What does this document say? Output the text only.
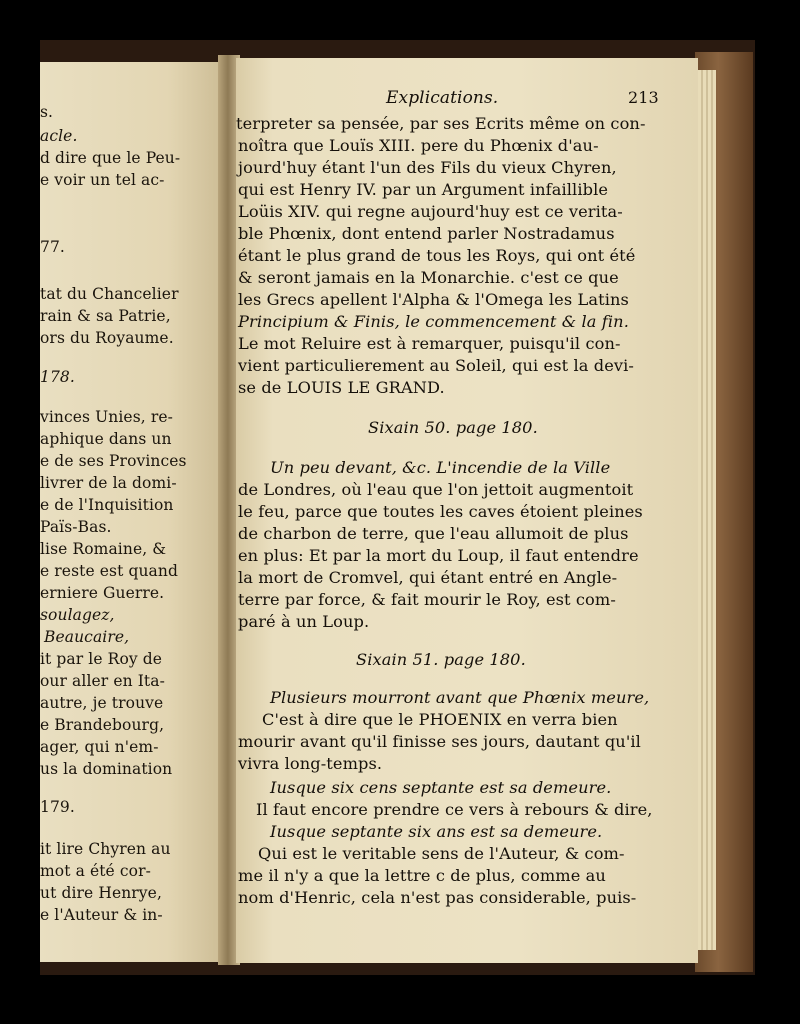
s.
acle.
d dire que le Peu-
e voir un tel ac-
77.
tat du Chancelier
rain & sa Patrie,
ors du Royaume.
178.
vinces Unies, re-
aphique dans un
e de ses Provinces
livrer de la domi-
e de l'Inquisition
Païs-Bas.
lise Romaine, &
e reste est quand
erniere Guerre.
soulagez,
Beaucaire,
it par le Roy de
our aller en Ita-
autre, je trouve
e Brandebourg,
ager, qui n'em-
us la domination
179.
it lire Chyren au
mot a été cor-
ut dire Henrye,
e l'Auteur & in-
Explications.	213
terpreter sa pensée, par ses Ecrits même on con-
noîtra que Louïs XIII. pere du Phœnix d'au-
jourd'huy étant l'un des Fils du vieux Chyren,
qui est Henry IV. par un Argument infaillible
Loüis XIV. qui regne aujourd'huy est ce verita-
ble Phœnix, dont entend parler Nostradamus
étant le plus grand de tous les Roys, qui ont été
& seront jamais en la Monarchie. c'est ce que
les Grecs apellent l'Alpha & l'Omega les Latins
Principium & Finis, le commencement & la fin.
Le mot Reluire est à remarquer, puisqu'il con-
vient particulierement au Soleil, qui est la devi-
se de LOUIS LE GRAND.
Sixain 50. page 180.
Un peu devant, &c. L'incendie de la Ville
de Londres, où l'eau que l'on jettoit augmentoit
le feu, parce que toutes les caves étoient pleines
de charbon de terre, que l'eau allumoit de plus
en plus: Et par la mort du Loup, il faut entendre
la mort de Cromvel, qui étant entré en Angle-
terre par force, & fait mourir le Roy, est com-
paré à un Loup.
Sixain 51. page 180.
Plusieurs mourront avant que Phœnix meure,
C'est à dire que le PHOENIX en verra bien
mourir avant qu'il finisse ses jours, dautant qu'il
vivra long-temps.
Iusque six cens septante est sa demeure.
Il faut encore prendre ce vers à rebours & dire,
Iusque septante six ans est sa demeure.
Qui est le veritable sens de l'Auteur, & com-
me il n'y a que la lettre c de plus, comme au
nom d'Henric, cela n'est pas considerable, puis-
